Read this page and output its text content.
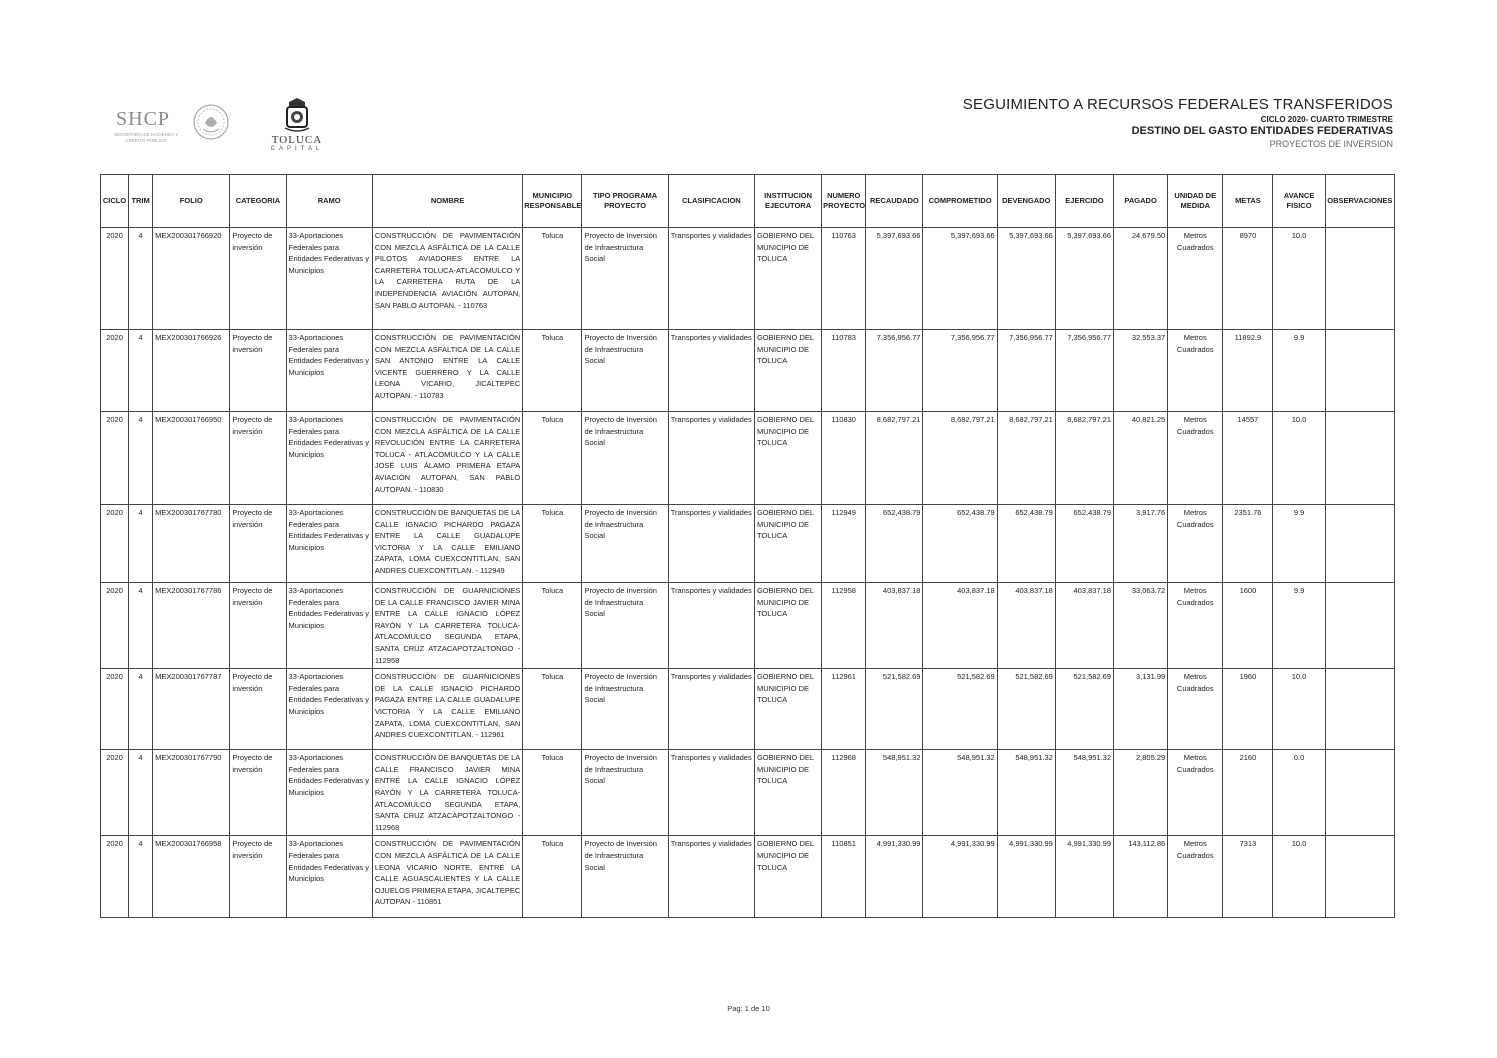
SHCP
SECRETARÍA DE HACIENDA Y CRÉDITO PÚBLICO	TOLUCA
CAPITAL
SEGUIMIENTO A RECURSOS FEDERALES TRANSFERIDOS
CICLO 2020- CUARTO TRIMESTRE
DESTINO DEL GASTO ENTIDADES FEDERATIVAS
PROYECTOS DE INVERSION
CICLO	TRIM	FOLIO	CATEGORIA	RAMO	NOMBRE	MUNICIPIO RESPONSABLE	TIPO PROGRAMA PROYECTO	CLASIFICACION	INSTITUCION EJECUTORA	NUMERO PROYECTO	RECAUDADO	COMPROMETIDO	DEVENGADO	EJERCIDO	PAGADO	UNIDAD DE MEDIDA	METAS	AVANCE FISICO	OBSERVACIONES
2020	4	MEX200301766920	Proyecto de inversión	33-Aportaciones Federales para Entidades Federativas y Municipios	CONSTRUCCIÓN DE PAVIMENTACIÓN CON MEZCLA ASFÁLTICA DE LA CALLE PILOTOS AVIADORES ENTRE LA CARRETERA TOLUCA-ATLACOMULCO Y LA CARRETERA RUTA DE LA INDEPENDENCIA AVIACIÓN AUTOPAN, SAN PABLO AUTOPAN. - 110763	Toluca	Proyecto de Inversión de Infraestructura Social	Transportes y vialidades	GOBIERNO DEL MUNICIPIO DE TOLUCA	110763	5,397,693.66	5,397,693.66	5,397,693.66	5,397,693.66	24,679.50	Metros Cuadrados	8970	10.0	
2020	4	MEX200301766926	Proyecto de inversión	33-Aportaciones Federales para Entidades Federativas y Municipios	CONSTRUCCIÓN DE PAVIMENTACIÓN CON MEZCLA ASFALTICA DE LA CALLE SAN ANTONIO ENTRE LA CALLE VICENTE GUERRERO Y LA CALLE LEONA VICARIO, JICALTEPEC AUTOPAN. - 110783	Toluca	Proyecto de Inversión de Infraestructura Social	Transportes y vialidades	GOBIERNO DEL MUNICIPIO DE TOLUCA	110783	7,356,956.77	7,356,956.77	7,356,956.77	7,356,956.77	32,553.37	Metros Cuadrados	11892.9	9.9	
2020	4	MEX200301766950	Proyecto de inversión	33-Aportaciones Federales para Entidades Federativas y Municipios	CONSTRUCCIÓN DE PAVIMENTACIÓN CON MEZCLA ASFÁLTICA DE LA CALLE REVOLUCIÓN ENTRE LA CARRETERA TOLUCA - ATLACOMULCO Y LA CALLE JOSÉ LUIS ÁLAMO PRIMERA ETAPA AVIACIÓN AUTOPAN, SAN PABLO AUTOPAN. - 110830	Toluca	Proyecto de Inversión de Infraestructura Social	Transportes y vialidades	GOBIERNO DEL MUNICIPIO DE TOLUCA	110830	8,682,797.21	8,682,797.21	8,682,797.21	8,682,797.21	40,821.25	Metros Cuadrados	14557	10.0	
2020	4	MEX200301767780	Proyecto de inversión	33-Aportaciones Federales para Entidades Federativas y Municipios	CONSTRUCCIÓN DE BANQUETAS DE LA CALLE IGNACIO PICHARDO PAGAZA ENTRE LA CALLE GUADALUPE VICTORIA Y LA CALLE EMILIANO ZAPATA, LOMA CUEXCONTITLAN, SAN ANDRES CUEXCONTITLAN. - 112949	Toluca	Proyecto de Inversión de Infraestructura Social	Transportes y vialidades	GOBIERNO DEL MUNICIPIO DE TOLUCA	112949	652,438.79	652,438.79	652,438.79	652,438.79	3,917.76	Metros Cuadrados	2351.76	9.9	
2020	4	MEX200301767786	Proyecto de inversión	33-Aportaciones Federales para Entidades Federativas y Municipios	CONSTRUCCIÓN DE GUARNICIONES DE LA CALLE FRANCISCO JAVIER MINA ENTRE LA CALLE IGNACIO LÓPEZ RAYÓN Y LA CARRETERA TOLUCA-ATLACOMULCO SEGUNDA ETAPA, SANTA CRUZ ATZACAPOTZALTONGO - 112958	Toluca	Proyecto de Inversión de Infraestructura Social	Transportes y vialidades	GOBIERNO DEL MUNICIPIO DE TOLUCA	112958	403,837.18	403,837.18	403,837.18	403,837.18	33,063.72	Metros Cuadrados	1600	9.9	
2020	4	MEX200301767787	Proyecto de inversión	33-Aportaciones Federales para Entidades Federativas y Municipios	CONSTRUCCIÓN DE GUARNICIONES DE LA CALLE IGNACIO PICHARDO PAGAZA ENTRE LA CALLE GUADALUPE VICTORIA Y LA CALLE EMILIANO ZAPATA, LOMA CUEXCONTITLAN, SAN ANDRES CUEXCONTITLAN. - 112961	Toluca	Proyecto de Inversión de Infraestructura Social	Transportes y vialidades	GOBIERNO DEL MUNICIPIO DE TOLUCA	112961	521,582.69	521,582.69	521,582.69	521,582.69	3,131.99	Metros Cuadrados	1960	10.0	
2020	4	MEX200301767790	Proyecto de inversión	33-Aportaciones Federales para Entidades Federativas y Municipios	CONSTRUCCIÓN DE BANQUETAS DE LA CALLE FRANCISCO JAVIER MINA ENTRE LA CALLE IGNACIO LÓPEZ RAYÓN Y LA CARRETERA TOLUCA-ATLACOMULCO SEGUNDA ETAPA, SANTA CRUZ ATZACAPOTZALTONGO - 112968	Toluca	Proyecto de Inversión de Infraestructura Social	Transportes y vialidades	GOBIERNO DEL MUNICIPIO DE TOLUCA	112968	548,951.32	548,951.32	548,951.32	548,951.32	2,805.29	Metros Cuadrados	2160	0.0	
2020	4	MEX200301766958	Proyecto de inversión	33-Aportaciones Federales para Entidades Federativas y Municipios	CONSTRUCCIÓN DE PAVIMENTACIÓN CON MEZCLA ASFÁLTICA DE LA CALLE LEONA VICARIO NORTE, ENTRE LA CALLE AGUASCALIENTES Y LA CALLE OJUELOS PRIMERA ETAPA, JICALTEPEC AUTOPAN - 110851	Toluca	Proyecto de Inversión de Infraestructura Social	Transportes y vialidades	GOBIERNO DEL MUNICIPIO DE TOLUCA	110851	4,991,330.99	4,991,330.99	4,991,330.99	4,991,330.99	143,112.86	Metros Cuadrados	7313	10.0	
Pag: 1 de 10
